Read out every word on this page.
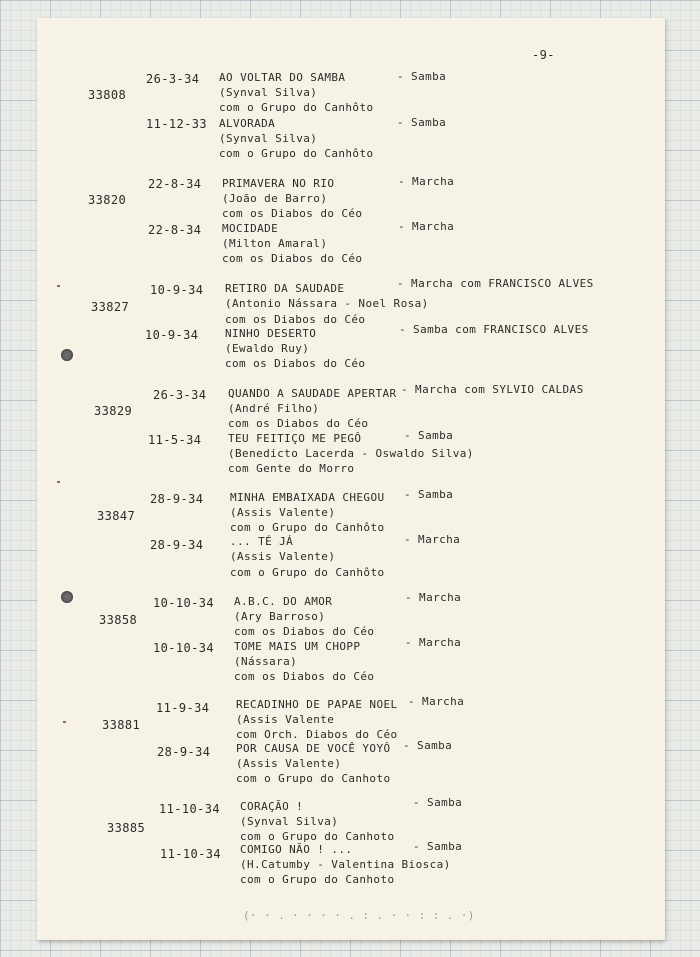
-9-
33808
26-3-34 AO VOLTAR DO SAMBA
(Synval Silva)
com o Grupo do Canhôto
- Samba
11-12-33 ALVORADA
(Synval Silva)
com o Grupo do Canhôto
- Samba
33820
22-8-34 PRIMAVERA NO RIO
(João de Barro)
com os Diabos do Céo
- Marcha
22-8-34 MOCIDADE
(Milton Amaral)
com os Diabos do Céo
- Marcha
33827
10-9-34 RETIRO DA SAUDADE
(Antonio Nássara - Noel Rosa)
com os Diabos do Céo
- Marcha com FRANCISCO ALVES
10-9-34 NINHO DESERTO
(Ewaldo Ruy)
com os Diabos do Céo
- Samba com FRANCISCO ALVES
33829
26-3-34 QUANDO A SAUDADE APERTAR
(André Filho)
com os Diabos do Céo
- Marcha com SYLVIO CALDAS
11-5-34 TEU FEITIÇO ME PEGÔ
(Benedicto Lacerda - Oswaldo Silva)
com Gente do Morro
- Samba
33847
28-9-34 MINHA EMBAIXADA CHEGOU
(Assis Valente)
com o Grupo do Canhôto
- Samba
28-9-34 ... TÉ JÁ
(Assis Valente)
com o Grupo do Canhôto
- Marcha
33858
10-10-34 A.B.C. DO AMOR
(Ary Barroso)
com os Diabos do Céo
- Marcha
10-10-34 TOME MAIS UM CHOPP
(Nássara)
com os Diabos do Céo
- Marcha
33881
11-9-34 RECADINHO DE PAPAE NOEL
(Assis Valente
com Orch. Diabos do Céo
- Marcha
28-9-34 POR CAUSA DE VOCÊ YOYÔ
(Assis Valente)
com o Grupo do Canhoto
- Samba
33885
11-10-34 CORAÇÃO !
(Synval Silva)
com o Grupo do Canhoto
- Samba
11-10-34 COMIGO NÃO ! ...
(H.Catumby - Valentina Biosca)
com o Grupo do Canhoto
- Samba
(· · . · · · · . : . · · : : . ·)
